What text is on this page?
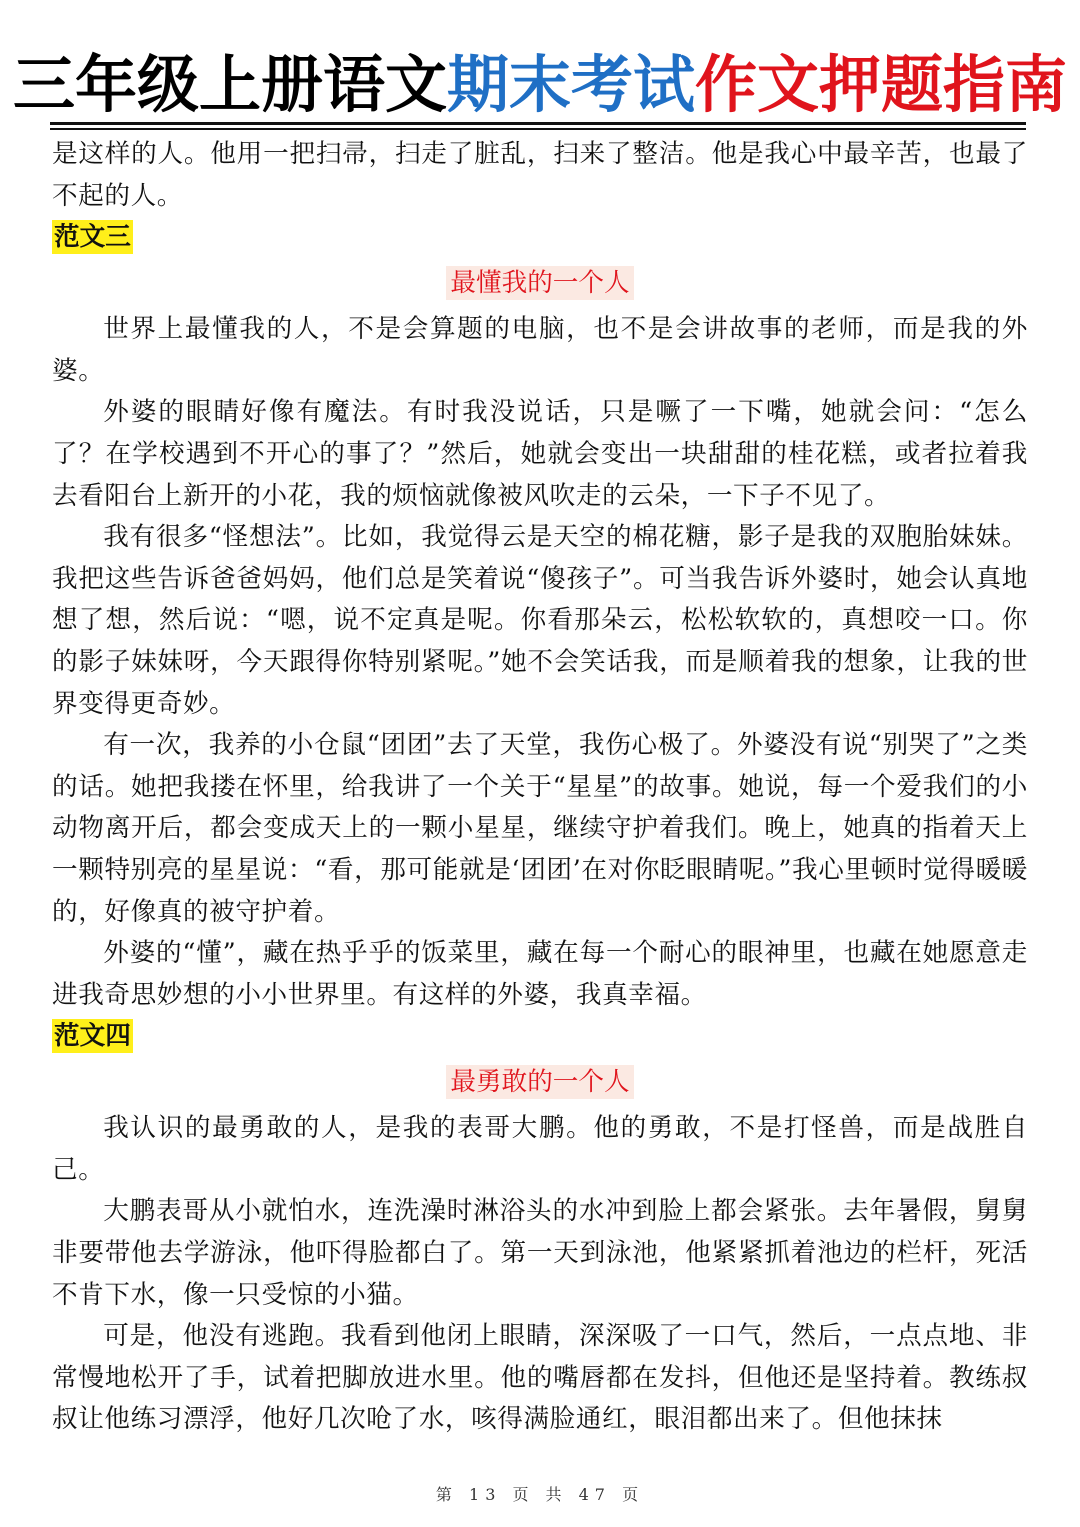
三年级上册语文期末考试作文押题指南

是这样的人。他用一把扫帚，扫走了脏乱，扫来了整洁。他是我心中最辛苦，也最了不起的人。

范文三

最懂我的一个人

世界上最懂我的人，不是会算题的电脑，也不是会讲故事的老师，而是我的外婆。

外婆的眼睛好像有魔法。有时我没说话，只是噘了一下嘴，她就会问：“怎么了？在学校遇到不开心的事了？”然后，她就会变出一块甜甜的桂花糕，或者拉着我去看阳台上新开的小花，我的烦恼就像被风吹走的云朵，一下子不见了。

我有很多“怪想法”。比如，我觉得云是天空的棉花糖，影子是我的双胞胎妹妹。我把这些告诉爸爸妈妈，他们总是笑着说“傻孩子”。可当我告诉外婆时，她会认真地想了想，然后说：“嗯，说不定真是呢。你看那朵云，松松软软的，真想咬一口。你的影子妹妹呀，今天跟得你特别紧呢。”她不会笑话我，而是顺着我的想象，让我的世界变得更奇妙。

有一次，我养的小仓鼠“团团”去了天堂，我伤心极了。外婆没有说“别哭了”之类的话。她把我搂在怀里，给我讲了一个关于“星星”的故事。她说，每一个爱我们的小动物离开后，都会变成天上的一颗小星星，继续守护着我们。晚上，她真的指着天上一颗特别亮的星星说：“看，那可能就是‘团团’在对你眨眼睛呢。”我心里顿时觉得暖暖的，好像真的被守护着。

外婆的“懂”，藏在热乎乎的饭菜里，藏在每一个耐心的眼神里，也藏在她愿意走进我奇思妙想的小小世界里。有这样的外婆，我真幸福。

范文四

最勇敢的一个人

我认识的最勇敢的人，是我的表哥大鹏。他的勇敢，不是打怪兽，而是战胜自己。

大鹏表哥从小就怕水，连洗澡时淋浴头的水冲到脸上都会紧张。去年暑假，舅舅非要带他去学游泳，他吓得脸都白了。第一天到泳池，他紧紧抓着池边的栏杆，死活不肯下水，像一只受惊的小猫。

可是，他没有逃跑。我看到他闭上眼睛，深深吸了一口气，然后，一点点地、非常慢地松开了手，试着把脚放进水里。他的嘴唇都在发抖，但他还是坚持着。教练叔叔让他练习漂浮，他好几次呛了水，咳得满脸通红，眼泪都出来了。但他抹抹

第 13 页 共 47 页
